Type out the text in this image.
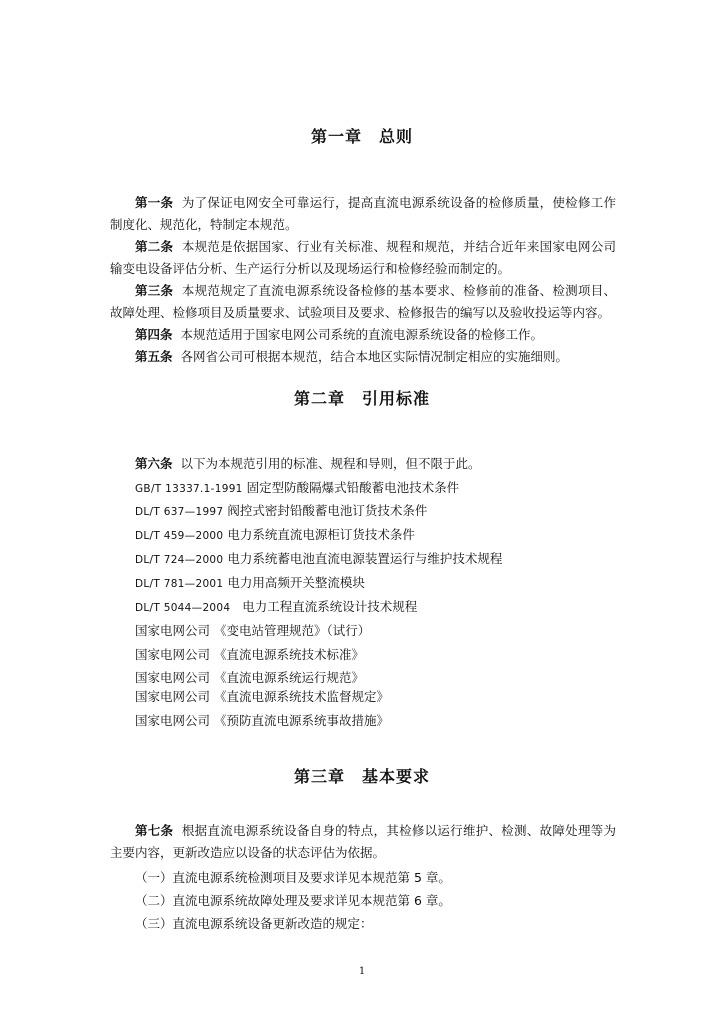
第一章　总则
第一条 为了保证电网安全可靠运行，提高直流电源系统设备的检修质量，使检修工作制度化、规范化，特制定本规范。
第二条 本规范是依据国家、行业有关标准、规程和规范，并结合近年来国家电网公司输变电设备评估分析、生产运行分析以及现场运行和检修经验而制定的。
第三条 本规范规定了直流电源系统设备检修的基本要求、检修前的准备、检测项目、故障处理、检修项目及质量要求、试验项目及要求、检修报告的编写以及验收投运等内容。
第四条 本规范适用于国家电网公司系统的直流电源系统设备的检修工作。
第五条 各网省公司可根据本规范，结合本地区实际情况制定相应的实施细则。
第二章　引用标准
第六条 以下为本规范引用的标准、规程和导则，但不限于此。
GB/T 13337.1-1991 固定型防酸隔爆式铅酸蓄电池技术条件
DL/T 637—1997 阀控式密封铅酸蓄电池订货技术条件
DL/T 459—2000 电力系统直流电源柜订货技术条件
DL/T 724—2000 电力系统蓄电池直流电源装置运行与维护技术规程
DL/T 781—2001 电力用高频开关整流模块
DL/T 5044—2004 电力工程直流系统设计技术规程
国家电网公司 《变电站管理规范》（试行）
国家电网公司 《直流电源系统技术标准》
国家电网公司 《直流电源系统运行规范》
国家电网公司 《直流电源系统技术监督规定》
国家电网公司 《预防直流电源系统事故措施》
第三章　基本要求
第七条 根据直流电源系统设备自身的特点，其检修以运行维护、检测、故障处理等为主要内容，更新改造应以设备的状态评估为依据。
（一）直流电源系统检测项目及要求详见本规范第 5 章。
（二）直流电源系统故障处理及要求详见本规范第 6 章。
（三）直流电源系统设备更新改造的规定：
1
